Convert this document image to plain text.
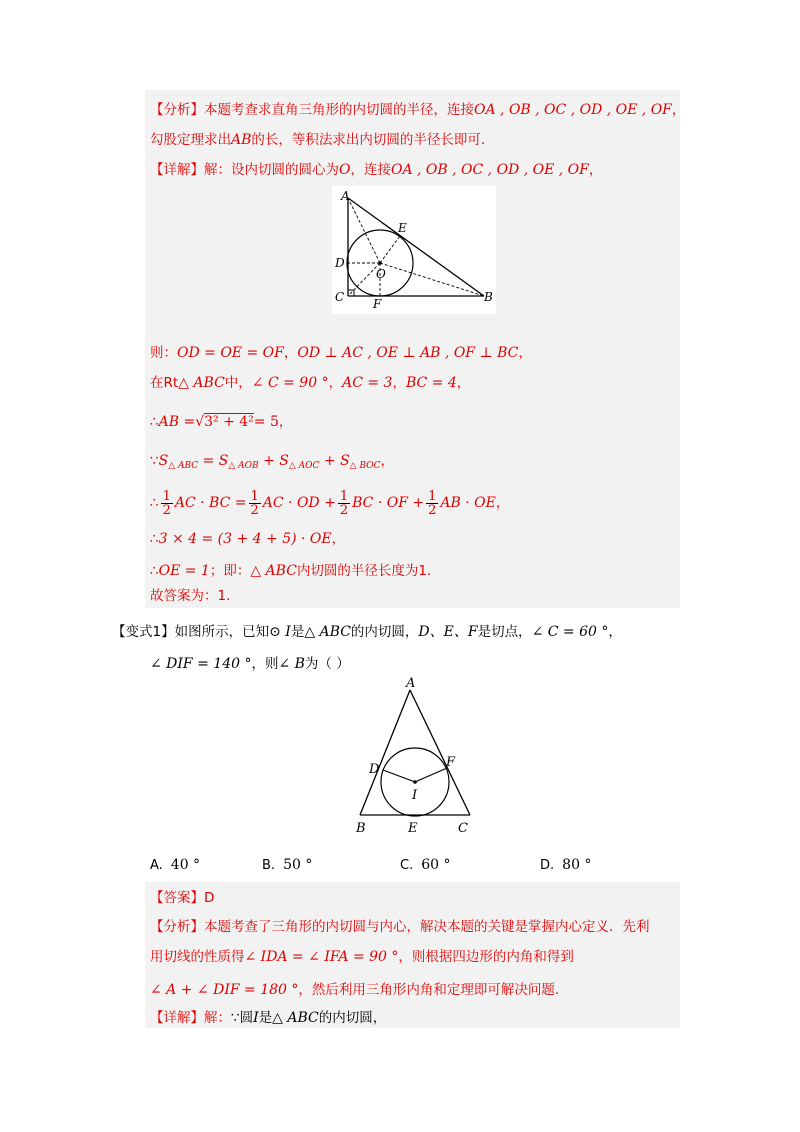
【分析】本题考查求直角三角形的内切圆的半径，连接OA , OB , OC , OD , OE , OF，
勾股定理求出AB的长，等积法求出内切圆的半径长即可.
【详解】解：设内切圆的圆心为O，连接OA , OB , OC , OD , OE , OF，
A
E
D
O
C F	B
则：OD = OE = OF，OD ⊥ AC , OE ⊥ AB , OF ⊥ BC，
在Rt△ ABC中，∠ C = 90 °，AC = 3，BC = 4，
∴AB =√3² + 4²= 5，
$\because S_{\triangle ABC} = S_{\triangle AOB} + S_{\triangle AOC} + S_{\triangle BOC}$，
∴ $\frac{1}{2}$ AC · BC = $\frac{1}{2}$ AC · OD + $\frac{1}{2}$ BC · OF + $\frac{1}{2}$ AB · OE，
∴3 × 4 = (3 + 4 + 5) · OE，
∴OE = 1；即：△ ABC内切圆的半径长度为1.
故答案为：1.
【变式1】如图所示，已知⊙ I是△ ABC的内切圆，D、E、F是切点，∠ C = 60 °，
∠ DIF = 140 °，则∠ B为（ ）
A
D	F
I
B	E	C
A. 40 °	B. 50 °	C. 60 °	D. 80 °
【答案】D
【分析】本题考查了三角形的内切圆与内心，解决本题的关键是掌握内心定义．先利
用切线的性质得∠ IDA = ∠ IFA = 90 °，则根据四边形的内角和得到
∠ A + ∠ DIF = 180 °，然后利用三角形内角和定理即可解决问题.
【详解】解：∵圆I是△ ABC的内切圆，
